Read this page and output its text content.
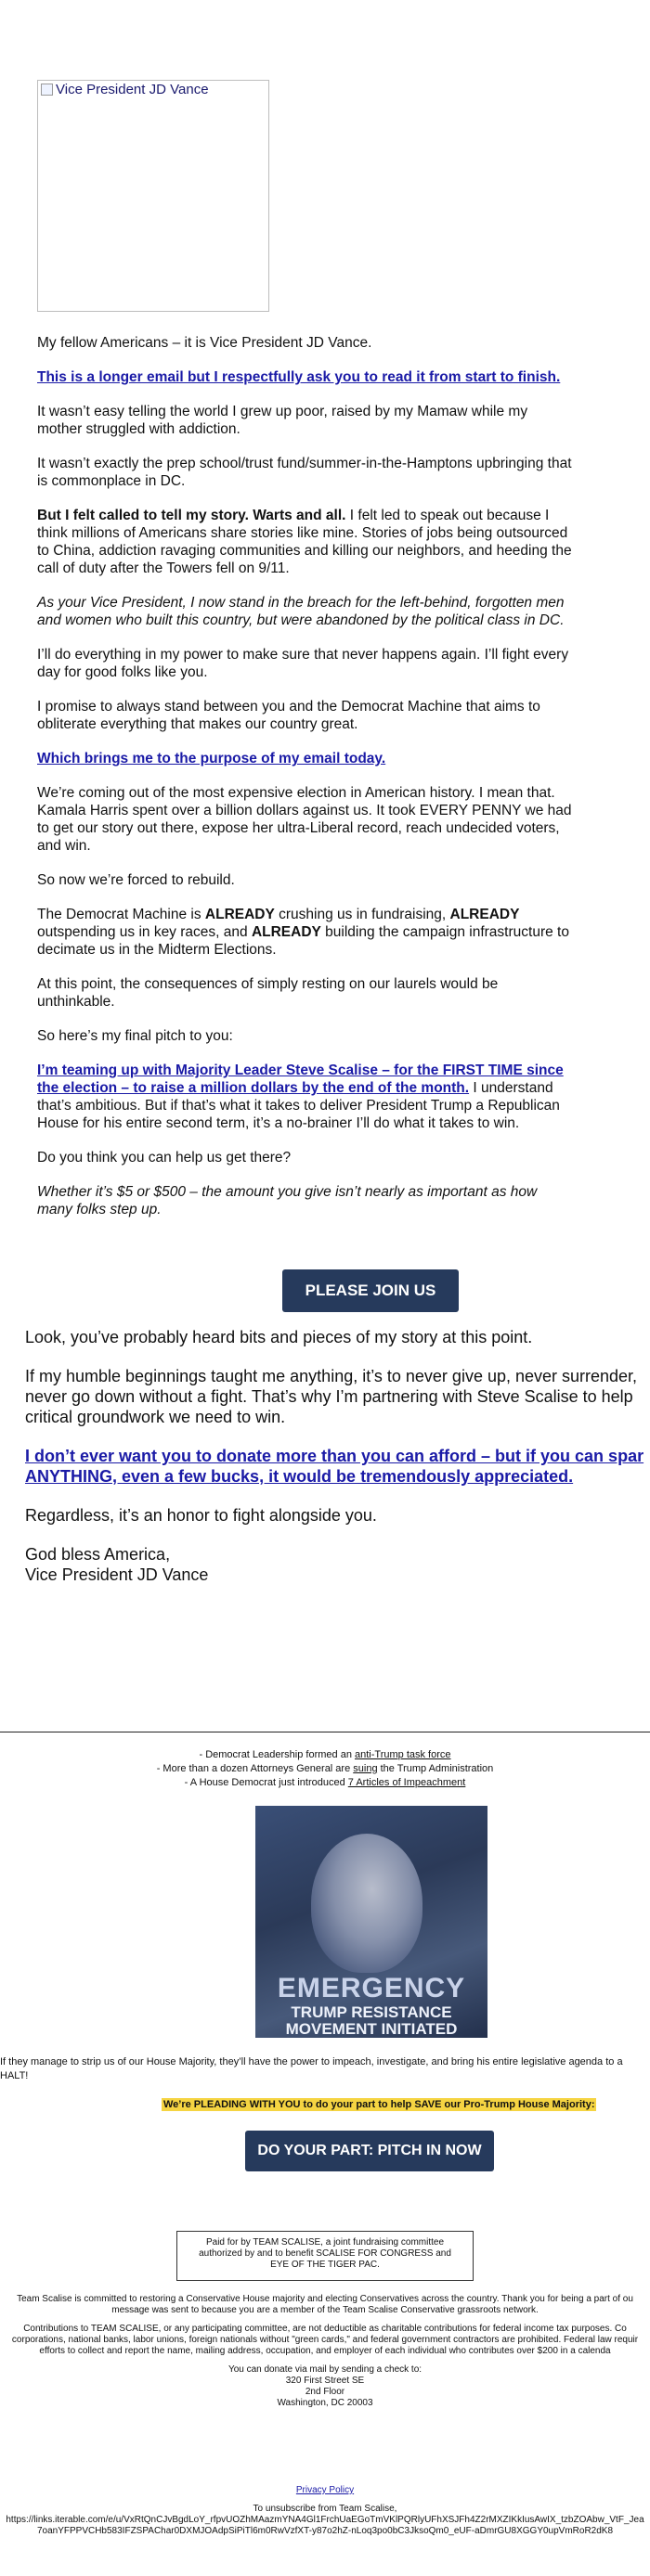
Vice President JD Vance

My fellow Americans – it is Vice President JD Vance.

This is a longer email but I respectfully ask you to read it from start to finish.

It wasn’t easy telling the world I grew up poor, raised by my Mamaw while my mother struggled with addiction.

It wasn’t exactly the prep school/trust fund/summer-in-the-Hamptons upbringing that is commonplace in DC.

But I felt called to tell my story. Warts and all. I felt led to speak out because I think millions of Americans share stories like mine. Stories of jobs being outsourced to China, addiction ravaging communities and killing our neighbors, and heeding the call of duty after the Towers fell on 9/11.

As your Vice President, I now stand in the breach for the left-behind, forgotten men and women who built this country, but were abandoned by the political class in DC.

I’ll do everything in my power to make sure that never happens again. I’ll fight every day for good folks like you.

I promise to always stand between you and the Democrat Machine that aims to obliterate everything that makes our country great.

Which brings me to the purpose of my email today.

We’re coming out of the most expensive election in American history. I mean that. Kamala Harris spent over a billion dollars against us. It took EVERY PENNY we had to get our story out there, expose her ultra-Liberal record, reach undecided voters, and win.

So now we’re forced to rebuild.

The Democrat Machine is ALREADY crushing us in fundraising, ALREADY outspending us in key races, and ALREADY building the campaign infrastructure to decimate us in the Midterm Elections.

At this point, the consequences of simply resting on our laurels would be unthinkable.

So here’s my final pitch to you:

I’m teaming up with Majority Leader Steve Scalise – for the FIRST TIME since the election – to raise a million dollars by the end of the month. I understand that’s ambitious. But if that’s what it takes to deliver President Trump a Republican House for his entire second term, it’s a no-brainer I’ll do what it takes to win.

Do you think you can help us get there?

Whether it’s $5 or $500 – the amount you give isn’t nearly as important as how many folks step up.

PLEASE JOIN US

Look, you’ve probably heard bits and pieces of my story at this point.

If my humble beginnings taught me anything, it’s to never give up, never surrender,
never go down without a fight. That’s why I’m partnering with Steve Scalise to help
critical groundwork we need to win.

I don’t ever want you to donate more than you can afford – but if you can spar
ANYTHING, even a few bucks, it would be tremendously appreciated.

Regardless, it’s an honor to fight alongside you.

God bless America,
Vice President JD Vance

- Democrat Leadership formed an anti-Trump task force
- More than a dozen Attorneys General are suing the Trump Administration
- A House Democrat just introduced 7 Articles of Impeachment
EMERGENCY
TRUMP RESISTANCE
MOVEMENT INITIATED
If they manage to strip us of our House Majority, they’ll have the power to impeach, investigate, and bring his entire legislative agenda to a
HALT!
We’re PLEADING WITH YOU to do your part to help SAVE our Pro-Trump House Majority:
DO YOUR PART: PITCH IN NOW
Paid for by TEAM SCALISE, a joint fundraising committee
authorized by and to benefit SCALISE FOR CONGRESS and
EYE OF THE TIGER PAC.

Team Scalise is committed to restoring a Conservative House majority and electing Conservatives across the country. Thank you for being a part of ou
message was sent to because you are a member of the Team Scalise Conservative grassroots network.

Contributions to TEAM SCALISE, or any participating committee, are not deductible as charitable contributions for federal income tax purposes. Co
corporations, national banks, labor unions, foreign nationals without "green cards," and federal government contractors are prohibited. Federal law requir
efforts to collect and report the name, mailing address, occupation, and employer of each individual who contributes over $200 in a calenda

You can donate via mail by sending a check to:
320 First Street SE
2nd Floor
Washington, DC 20003

Privacy Policy
To unsubscribe from Team Scalise,
https://links.iterable.com/e/u/VxRtQnCJvBgdLoY_rfpvUOZhMAazmYNA4Gl1FrchUaEGoTmVKlPQRlyUFhXSJFh4Z2rMXZIKkIusAwIX_tzbZOAbw_VtF_Jea
7oanYFPPVCHb583IFZSPAChar0DXMJOAdpSiPiTl6m0RwVzfXT-y87o2hZ-nLoq3po0bC3JksoQm0_eUF-aDmrGU8XGGY0upVmRoR2dK8
